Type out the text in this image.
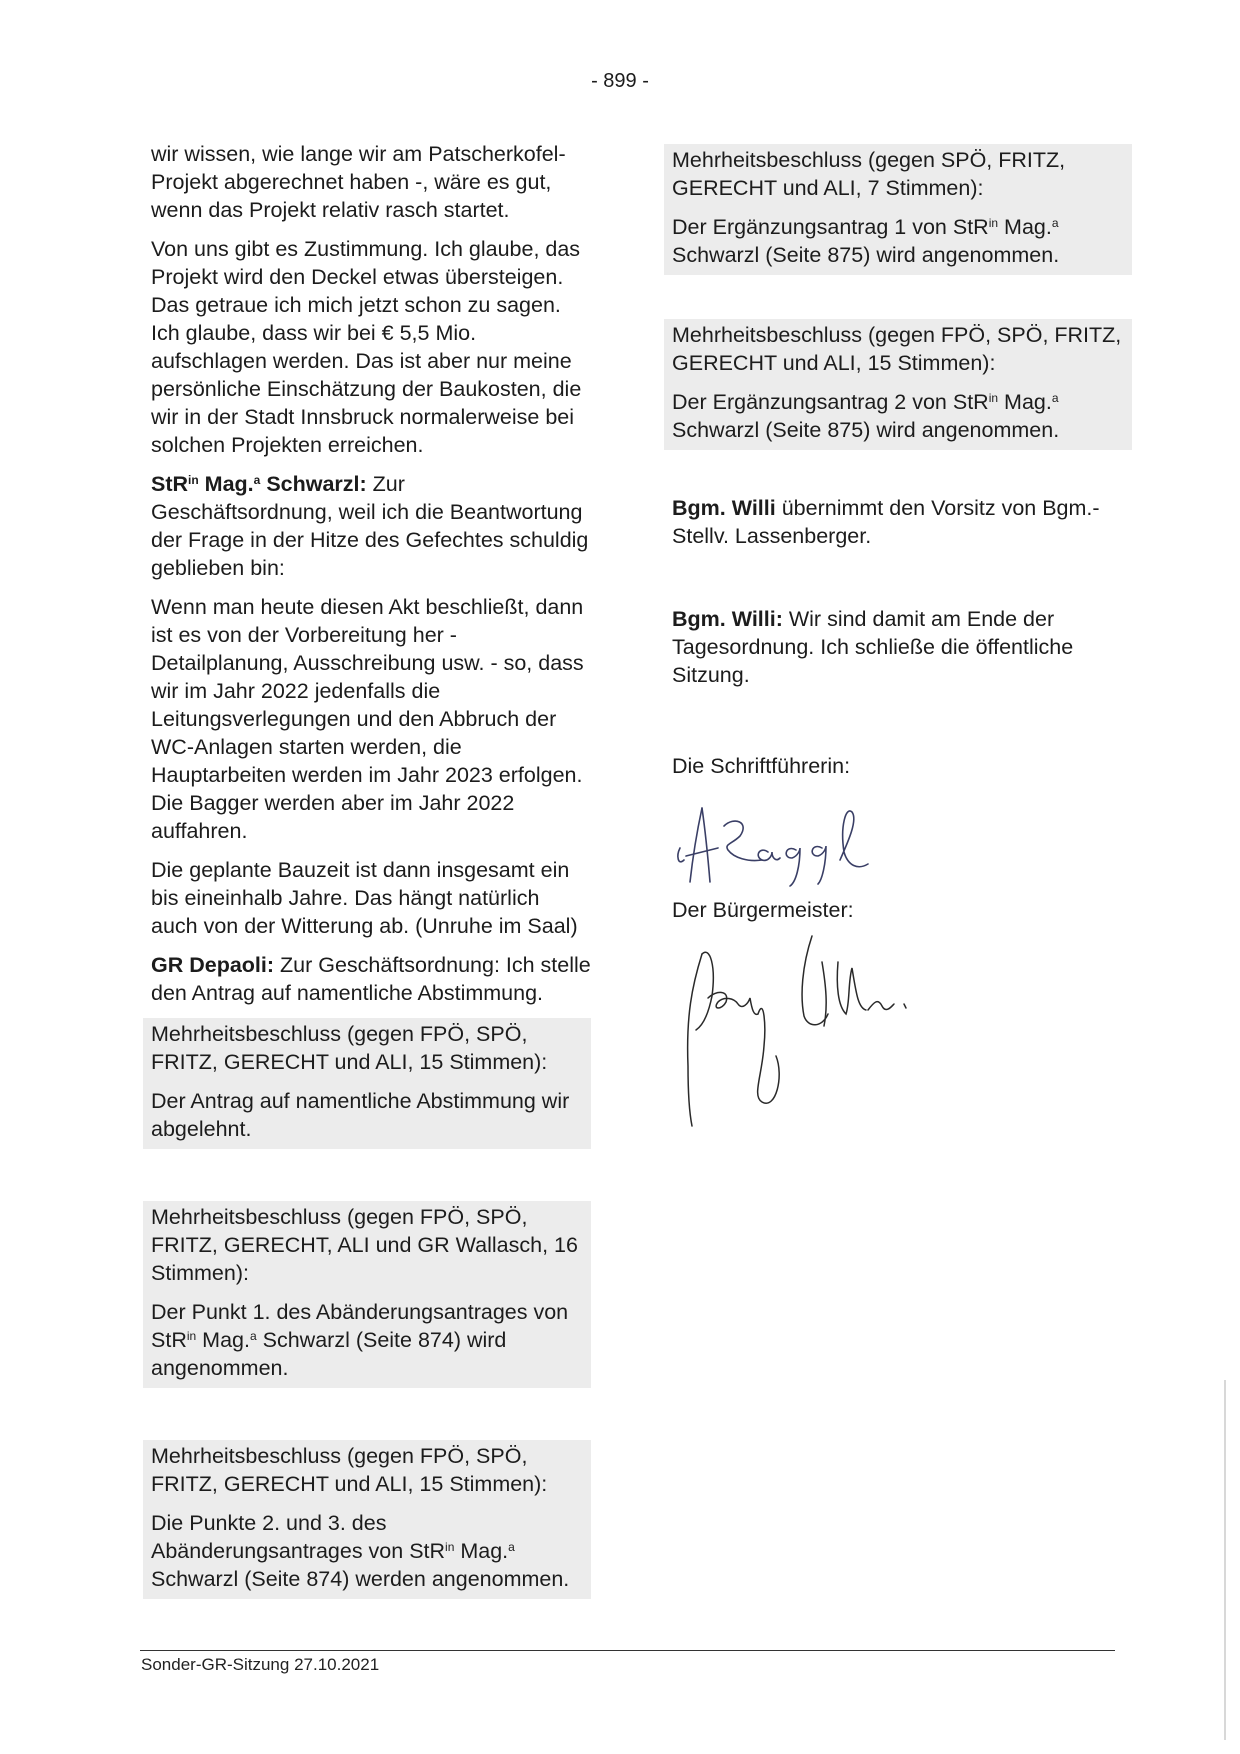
- 899 -

wir wissen, wie lange wir am Patscherkofel-Projekt abgerechnet haben -, wäre es gut, wenn das Projekt relativ rasch startet.

Von uns gibt es Zustimmung. Ich glaube, das Projekt wird den Deckel etwas übersteigen. Das getraue ich mich jetzt schon zu sagen. Ich glaube, dass wir bei € 5,5 Mio. aufschlagen werden. Das ist aber nur meine persönliche Einschätzung der Baukosten, die wir in der Stadt Innsbruck normalerweise bei solchen Projekten erreichen.

StR$^{in}$ Mag.$^a$ Schwarzl: Zur Geschäftsordnung, weil ich die Beantwortung der Frage in der Hitze des Gefechtes schuldig geblieben bin:

Wenn man heute diesen Akt beschließt, dann ist es von der Vorbereitung her - Detailplanung, Ausschreibung usw. - so, dass wir im Jahr 2022 jedenfalls die Leitungsverlegungen und den Abbruch der WC-Anlagen starten werden, die Hauptarbeiten werden im Jahr 2023 erfolgen. Die Bagger werden aber im Jahr 2022 auffahren.

Die geplante Bauzeit ist dann insgesamt ein bis eineinhalb Jahre. Das hängt natürlich auch von der Witterung ab. (Unruhe im Saal)

GR Depaoli: Zur Geschäftsordnung: Ich stelle den Antrag auf namentliche Abstimmung.

Mehrheitsbeschluss (gegen FPÖ, SPÖ, FRITZ, GERECHT und ALI, 15 Stimmen):

Der Antrag auf namentliche Abstimmung wir abgelehnt.

Mehrheitsbeschluss (gegen FPÖ, SPÖ, FRITZ, GERECHT, ALI und GR Wallasch, 16 Stimmen):

Der Punkt 1. des Abänderungsantrages von StR$^{in}$ Mag.$^a$ Schwarzl (Seite 874) wird angenommen.

Mehrheitsbeschluss (gegen FPÖ, SPÖ, FRITZ, GERECHT und ALI, 15 Stimmen):

Die Punkte 2. und 3. des Abänderungsantrages von StR$^{in}$ Mag.$^a$ Schwarzl (Seite 874) werden angenommen.

Mehrheitsbeschluss (gegen SPÖ, FRITZ, GERECHT und ALI, 7 Stimmen):

Der Ergänzungsantrag 1 von StR$^{in}$ Mag.$^a$ Schwarzl (Seite 875) wird angenommen.

Mehrheitsbeschluss (gegen FPÖ, SPÖ, FRITZ, GERECHT und ALI, 15 Stimmen):

Der Ergänzungsantrag 2 von StR$^{in}$ Mag.$^a$ Schwarzl (Seite 875) wird angenommen.

Bgm. Willi übernimmt den Vorsitz von Bgm.-Stellv. Lassenberger.

Bgm. Willi: Wir sind damit am Ende der Tagesordnung. Ich schließe die öffentliche Sitzung.

Die Schriftführerin:

Der Bürgermeister:

Sonder-GR-Sitzung 27.10.2021
